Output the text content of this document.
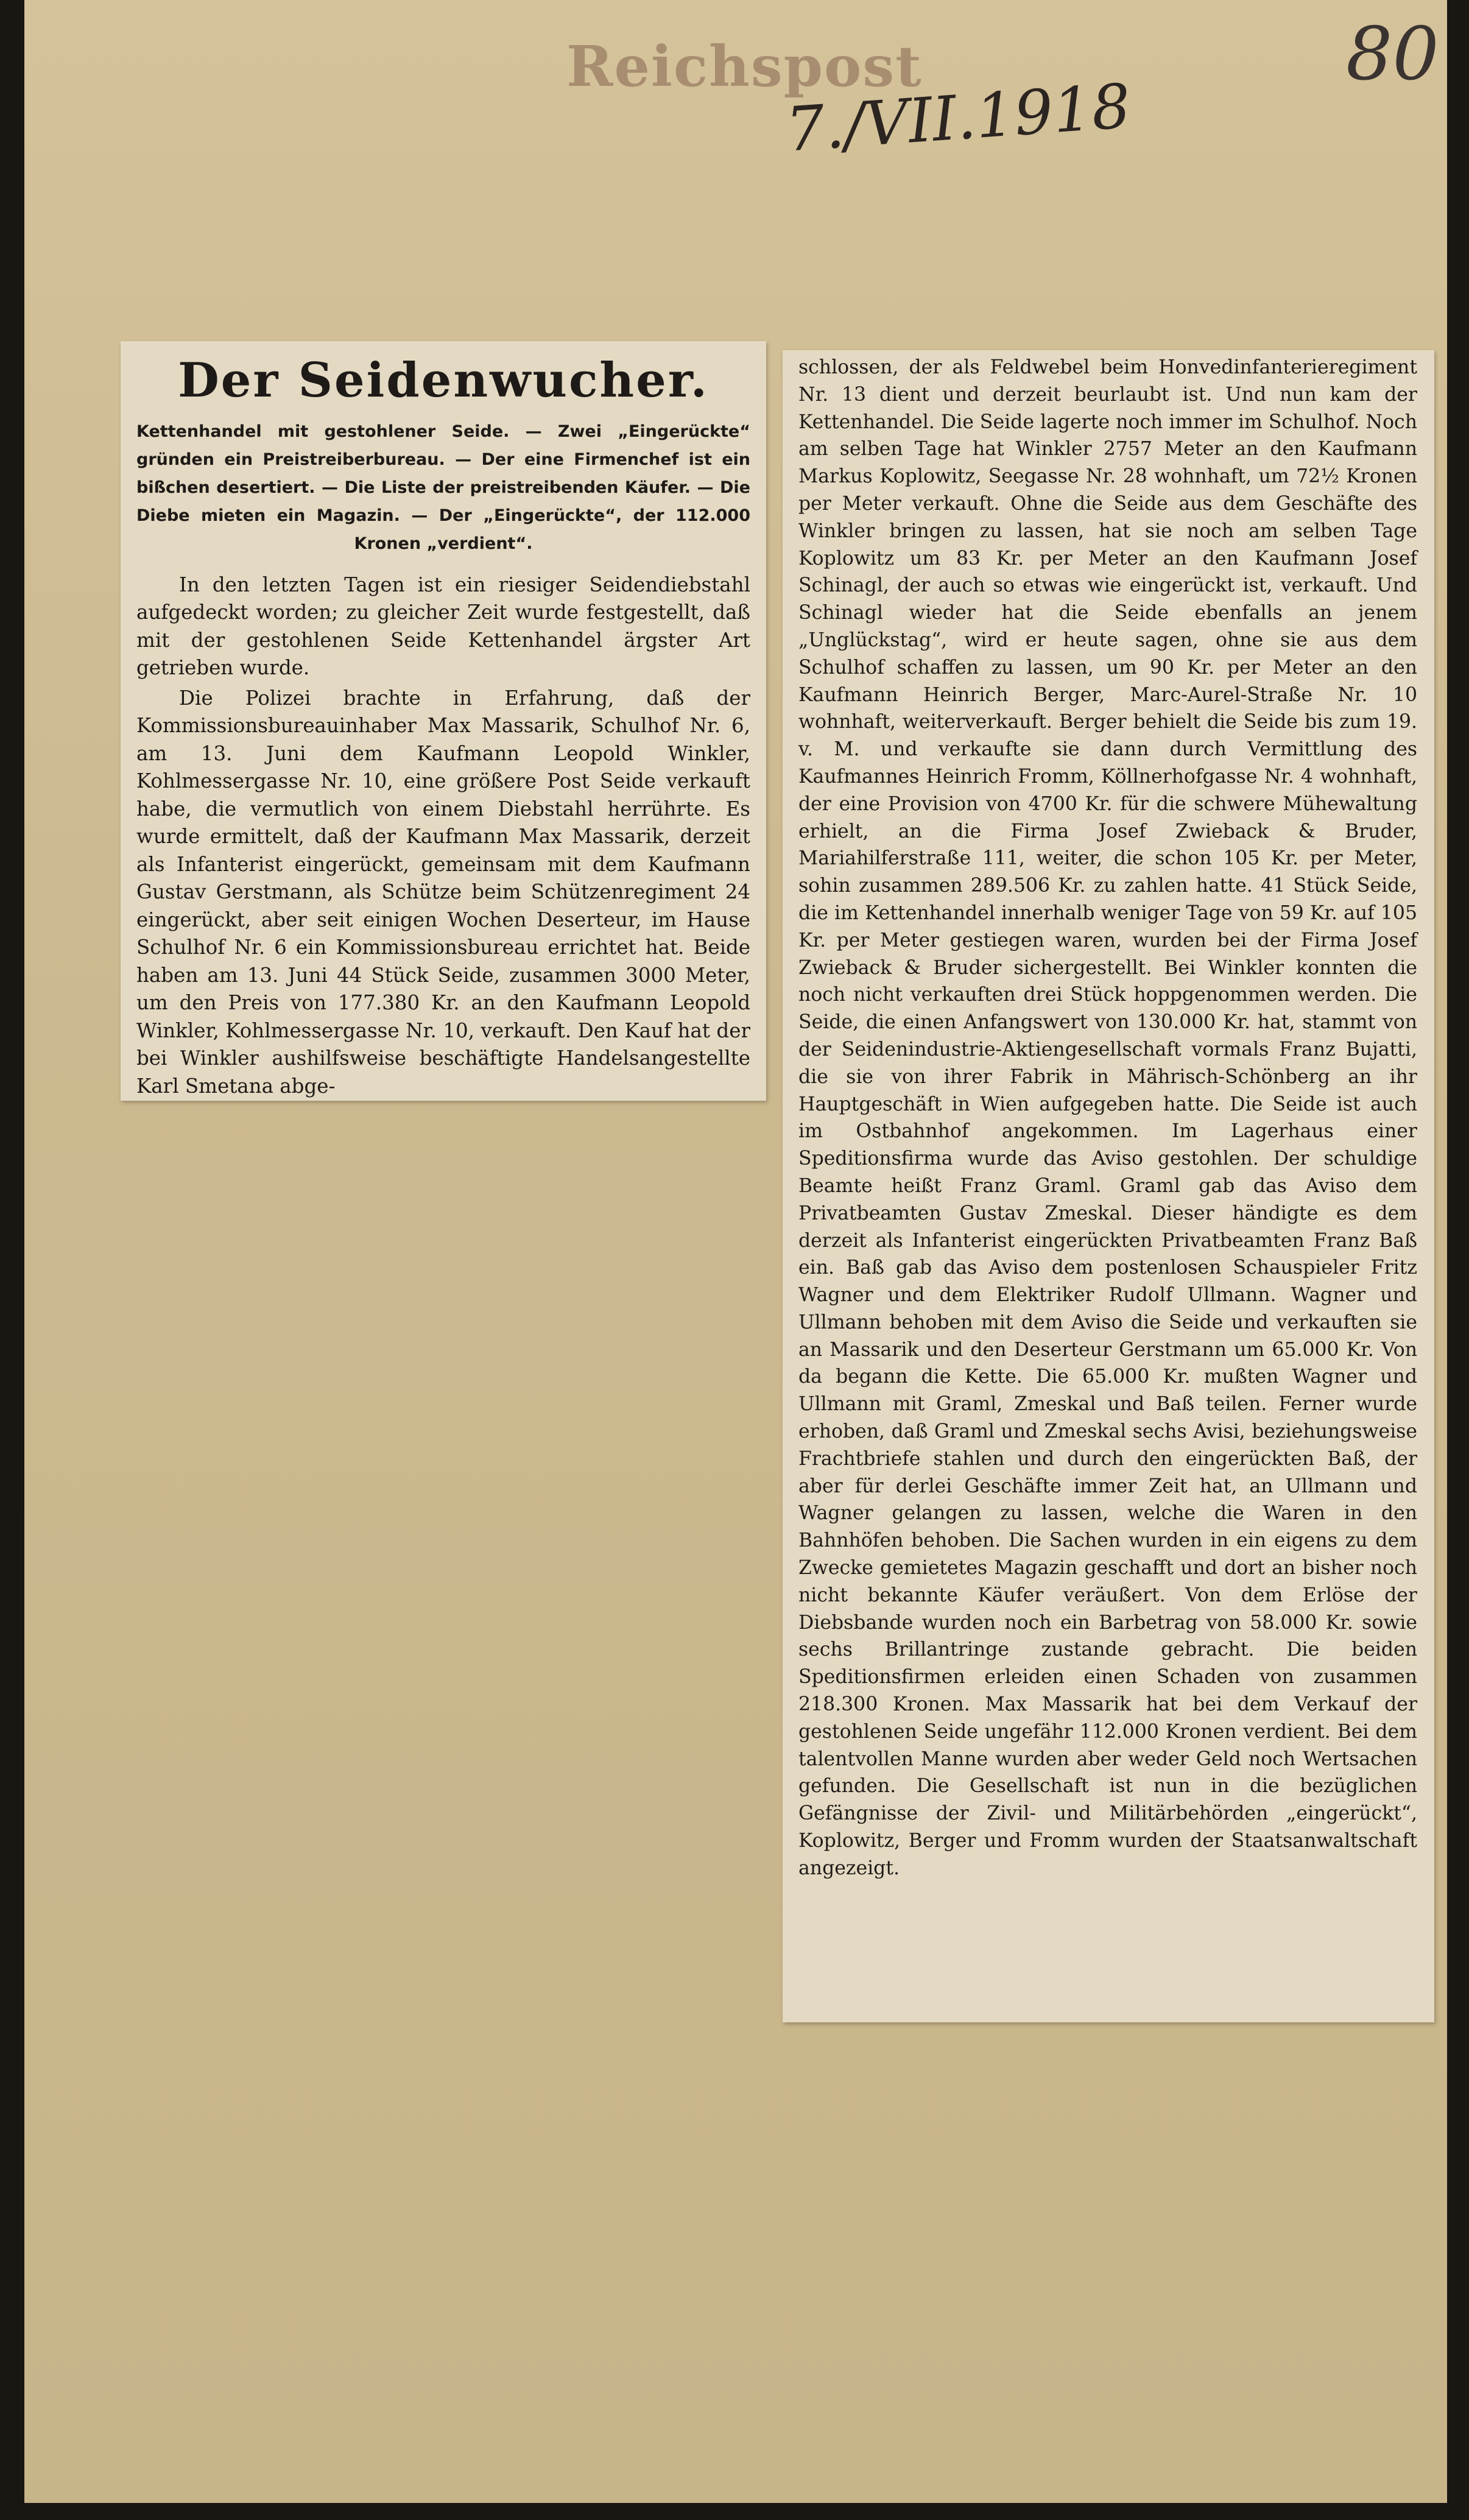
Reichspost
7./VII.1918
80
Der Seidenwucher.
Kettenhandel mit gestohlener Seide. — Zwei „Eingerückte“ gründen ein Preistreiberbureau. — Der eine Firmenchef ist ein bißchen desertiert. — Die Liste der preistreibenden Käufer. — Die Diebe mieten ein Magazin. — Der „Eingerückte“, der 112.000 Kronen „verdient“.

In den letzten Tagen ist ein riesiger Seidendiebstahl aufgedeckt worden; zu gleicher Zeit wurde festgestellt, daß mit der gestohlenen Seide Kettenhandel ärgster Art getrieben wurde.

Die Polizei brachte in Erfahrung, daß der Kommissionsbureauinhaber Max Massarik, Schulhof Nr. 6, am 13. Juni dem Kaufmann Leopold Winkler, Kohlmessergasse Nr. 10, eine größere Post Seide verkauft habe, die vermutlich von einem Diebstahl herrührte. Es wurde ermittelt, daß der Kaufmann Max Massarik, derzeit als Infanterist eingerückt, gemeinsam mit dem Kaufmann Gustav Gerstmann, als Schütze beim Schützenregiment 24 eingerückt, aber seit einigen Wochen Deserteur, im Hause Schulhof Nr. 6 ein Kommissionsbureau errichtet hat. Beide haben am 13. Juni 44 Stück Seide, zusammen 3000 Meter, um den Preis von 177.380 Kr. an den Kaufmann Leopold Winkler, Kohlmessergasse Nr. 10, verkauft. Den Kauf hat der bei Winkler aushilfsweise beschäftigte Handelsangestellte Karl Smetana abge-

schlossen, der als Feldwebel beim Honvedinfanterieregiment Nr. 13 dient und derzeit beurlaubt ist. Und nun kam der Kettenhandel. Die Seide lagerte noch immer im Schulhof. Noch am selben Tage hat Winkler 2757 Meter an den Kaufmann Markus Koplowitz, Seegasse Nr. 28 wohnhaft, um 72½ Kronen per Meter verkauft. Ohne die Seide aus dem Geschäfte des Winkler bringen zu lassen, hat sie noch am selben Tage Koplowitz um 83 Kr. per Meter an den Kaufmann Josef Schinagl, der auch so etwas wie eingerückt ist, verkauft. Und Schinagl wieder hat die Seide ebenfalls an jenem „Unglückstag“, wird er heute sagen, ohne sie aus dem Schulhof schaffen zu lassen, um 90 Kr. per Meter an den Kaufmann Heinrich Berger, Marc-Aurel-Straße Nr. 10 wohnhaft, weiterverkauft. Berger behielt die Seide bis zum 19. v. M. und verkaufte sie dann durch Vermittlung des Kaufmannes Heinrich Fromm, Köllnerhofgasse Nr. 4 wohnhaft, der eine Provision von 4700 Kr. für die schwere Mühewaltung erhielt, an die Firma Josef Zwieback & Bruder, Mariahilferstraße 111, weiter, die schon 105 Kr. per Meter, sohin zusammen 289.506 Kr. zu zahlen hatte. 41 Stück Seide, die im Kettenhandel innerhalb weniger Tage von 59 Kr. auf 105 Kr. per Meter gestiegen waren, wurden bei der Firma Josef Zwieback & Bruder sichergestellt. Bei Winkler konnten die noch nicht verkauften drei Stück hoppgenommen werden. Die Seide, die einen Anfangswert von 130.000 Kr. hat, stammt von der Seidenindustrie-Aktiengesellschaft vormals Franz Bujatti, die sie von ihrer Fabrik in Mährisch-Schönberg an ihr Hauptgeschäft in Wien aufgegeben hatte. Die Seide ist auch im Ostbahnhof angekommen. Im Lagerhaus einer Speditionsfirma wurde das Aviso gestohlen. Der schuldige Beamte heißt Franz Graml. Graml gab das Aviso dem Privatbeamten Gustav Zmeskal. Dieser händigte es dem derzeit als Infanterist eingerückten Privatbeamten Franz Baß ein. Baß gab das Aviso dem postenlosen Schauspieler Fritz Wagner und dem Elektriker Rudolf Ullmann. Wagner und Ullmann behoben mit dem Aviso die Seide und verkauften sie an Massarik und den Deserteur Gerstmann um 65.000 Kr. Von da begann die Kette. Die 65.000 Kr. mußten Wagner und Ullmann mit Graml, Zmeskal und Baß teilen. Ferner wurde erhoben, daß Graml und Zmeskal sechs Avisi, beziehungsweise Frachtbriefe stahlen und durch den eingerückten Baß, der aber für derlei Geschäfte immer Zeit hat, an Ullmann und Wagner gelangen zu lassen, welche die Waren in den Bahnhöfen behoben. Die Sachen wurden in ein eigens zu dem Zwecke gemietetes Magazin geschafft und dort an bisher noch nicht bekannte Käufer veräußert. Von dem Erlöse der Diebsbande wurden noch ein Barbetrag von 58.000 Kr. sowie sechs Brillantringe zustande gebracht. Die beiden Speditionsfirmen erleiden einen Schaden von zusammen 218.300 Kronen. Max Massarik hat bei dem Verkauf der gestohlenen Seide ungefähr 112.000 Kronen verdient. Bei dem talentvollen Manne wurden aber weder Geld noch Wertsachen gefunden. Die Gesellschaft ist nun in die bezüglichen Gefängnisse der Zivil- und Militärbehörden „eingerückt“, Koplowitz, Berger und Fromm wurden der Staatsanwaltschaft angezeigt.
